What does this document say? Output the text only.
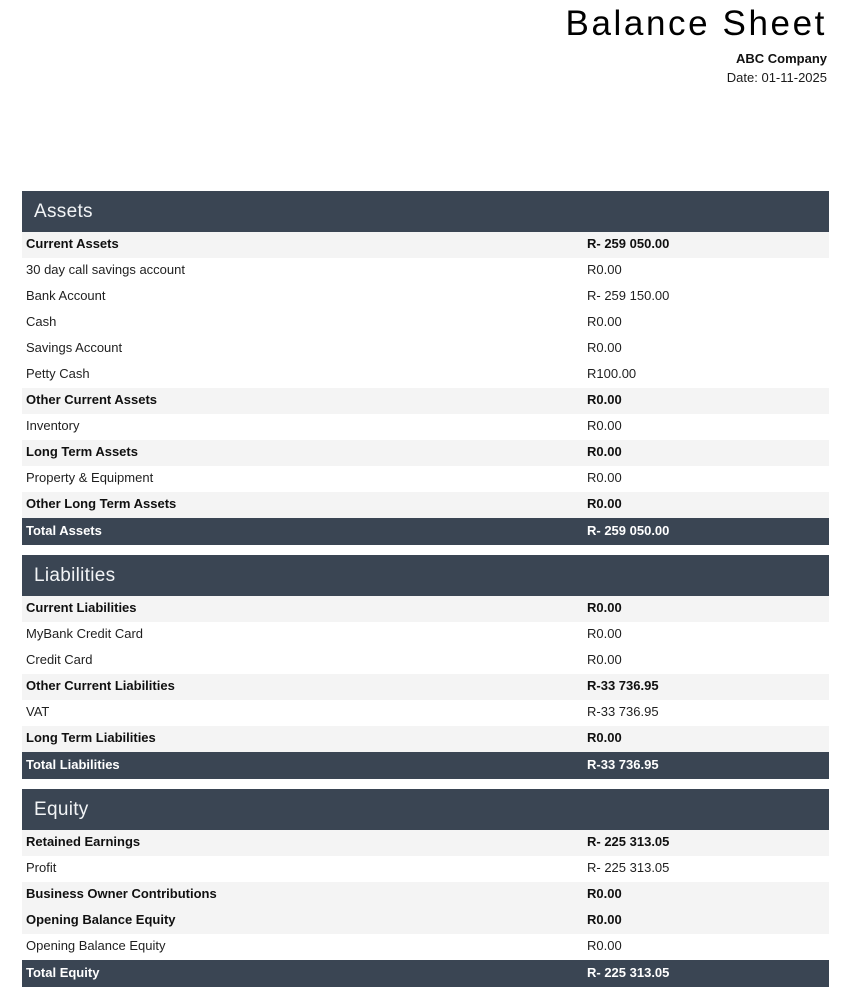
Balance Sheet
ABC Company
Date: 01-11-2025
Assets
Current Assets	R- 259 050.00
30 day call savings account	R0.00
Bank Account	R- 259 150.00
Cash	R0.00
Savings Account	R0.00
Petty Cash	R100.00
Other Current Assets	R0.00
Inventory	R0.00
Long Term Assets	R0.00
Property & Equipment	R0.00
Other Long Term Assets	R0.00
Total Assets	R- 259 050.00
Liabilities
Current Liabilities	R0.00
MyBank Credit Card	R0.00
Credit Card	R0.00
Other Current Liabilities	R-33 736.95
VAT	R-33 736.95
Long Term Liabilities	R0.00
Total Liabilities	R-33 736.95
Equity
Retained Earnings	R- 225 313.05
Profit	R- 225 313.05
Business Owner Contributions	R0.00
Opening Balance Equity	R0.00
Opening Balance Equity	R0.00
Total Equity	R- 225 313.05
